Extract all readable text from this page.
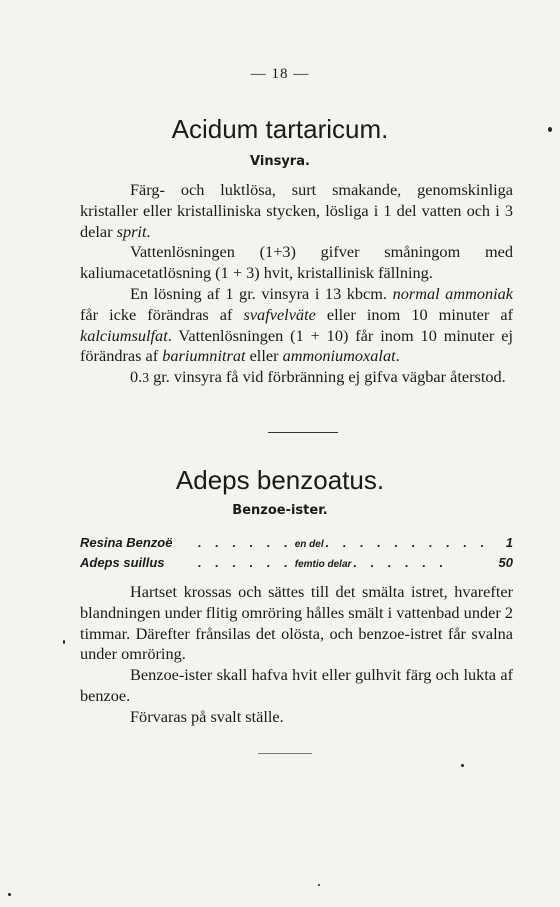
— 18 —
Acidum tartaricum.
Vinsyra.

Färg- och luktlösa, surt smakande, genomskinliga kristaller eller kristalliniska stycken, lösliga i 1 del vatten och i 3 delar sprit.

Vattenlösningen (1+3) gifver småningom med kaliumacetatlösning (1 + 3) hvit, kristallinisk fällning.

En lösning af 1 gr. vinsyra i 13 kbcm. normal ammoniak får icke förändras af svafvelväte eller inom 10 minuter af kalciumsulfat. Vattenlösningen (1 + 10) får inom 10 minuter ej förändras af bariumnitrat eller ammoniumoxalat.

0.3 gr. vinsyra få vid förbränning ej gifva vägbar återstod.

Adeps benzoatus.
Benzoe-ister.
Resina Benzoë	. . . . . . en del . . . . . . . . . .	1
Adeps suillus	. . . . . . femtio delar . . . . . .	50

Hartset krossas och sättes till det smälta istret, hvarefter blandningen under flitig omröring hålles smält i vattenbad under 2 timmar. Därefter frånsilas det olösta, och benzoe-istret får svalna under omröring.

Benzoe-ister skall hafva hvit eller gulhvit färg och lukta af benzoe.

Förvaras på svalt ställe.
